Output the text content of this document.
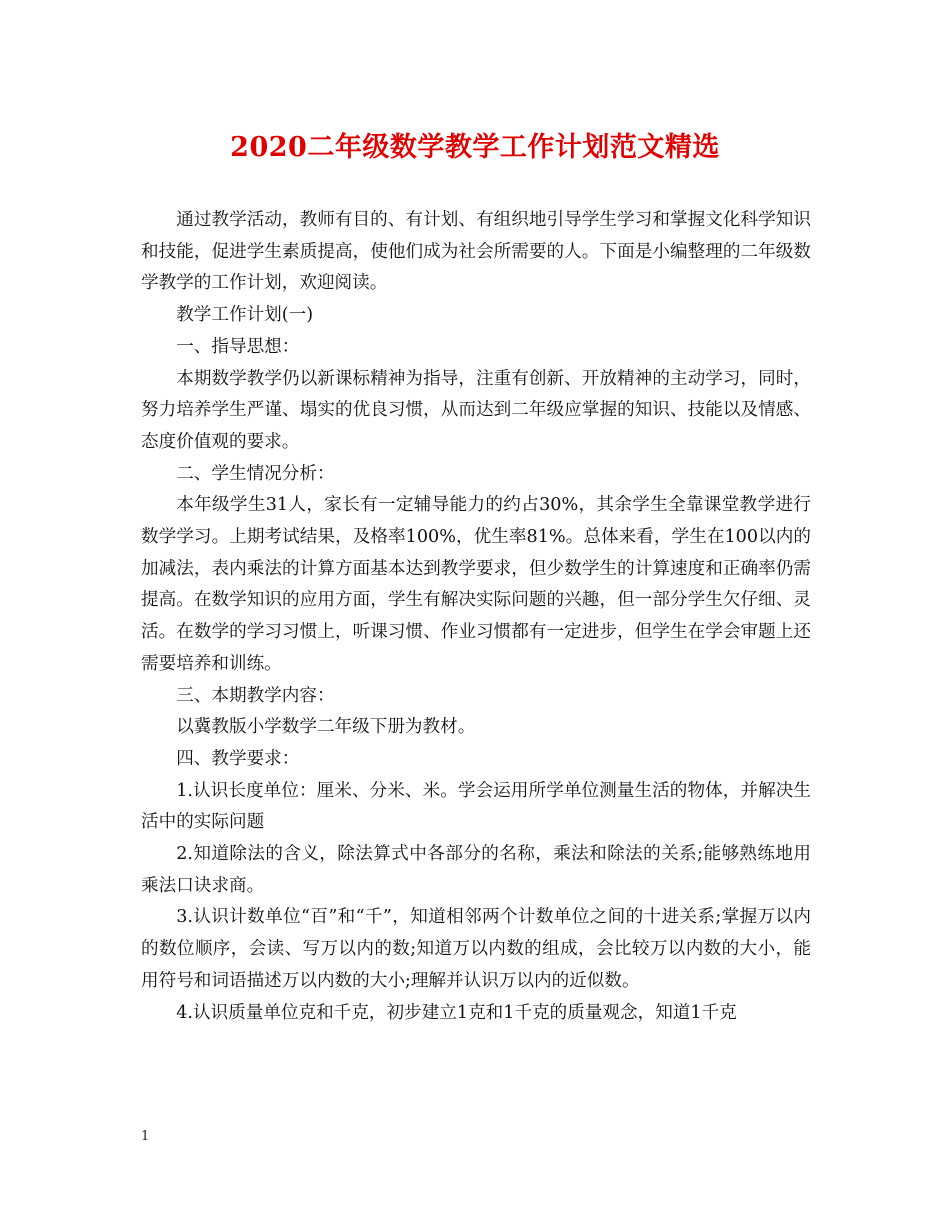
2020二年级数学教学工作计划范文精选

通过教学活动，教师有目的、有计划、有组织地引导学生学习和掌握文化科学知识和技能，促进学生素质提高，使他们成为社会所需要的人。下面是小编整理的二年级数学教学的工作计划，欢迎阅读。

教学工作计划(一)

一、指导思想：

本期数学教学仍以新课标精神为指导，注重有创新、开放精神的主动学习，同时，努力培养学生严谨、塌实的优良习惯，从而达到二年级应掌握的知识、技能以及情感、态度价值观的要求。

二、学生情况分析：

本年级学生31人，家长有一定辅导能力的约占30%，其余学生全靠课堂教学进行数学学习。上期考试结果，及格率100%，优生率81%。总体来看，学生在100以内的加减法，表内乘法的计算方面基本达到教学要求，但少数学生的计算速度和正确率仍需提高。在数学知识的应用方面，学生有解决实际问题的兴趣，但一部分学生欠仔细、灵活。在数学的学习习惯上，听课习惯、作业习惯都有一定进步，但学生在学会审题上还需要培养和训练。

三、本期教学内容：

以冀教版小学数学二年级下册为教材。

四、教学要求：

1.认识长度单位：厘米、分米、米。学会运用所学单位测量生活的物体，并解决生活中的实际问题

2.知道除法的含义，除法算式中各部分的名称，乘法和除法的关系;能够熟练地用乘法口诀求商。

3.认识计数单位“百”和“千”，知道相邻两个计数单位之间的十进关系;掌握万以内的数位顺序，会读、写万以内的数;知道万以内数的组成，会比较万以内数的大小，能用符号和词语描述万以内数的大小;理解并认识万以内的近似数。

4.认识质量单位克和千克，初步建立1克和1千克的质量观念，知道1千克

1
